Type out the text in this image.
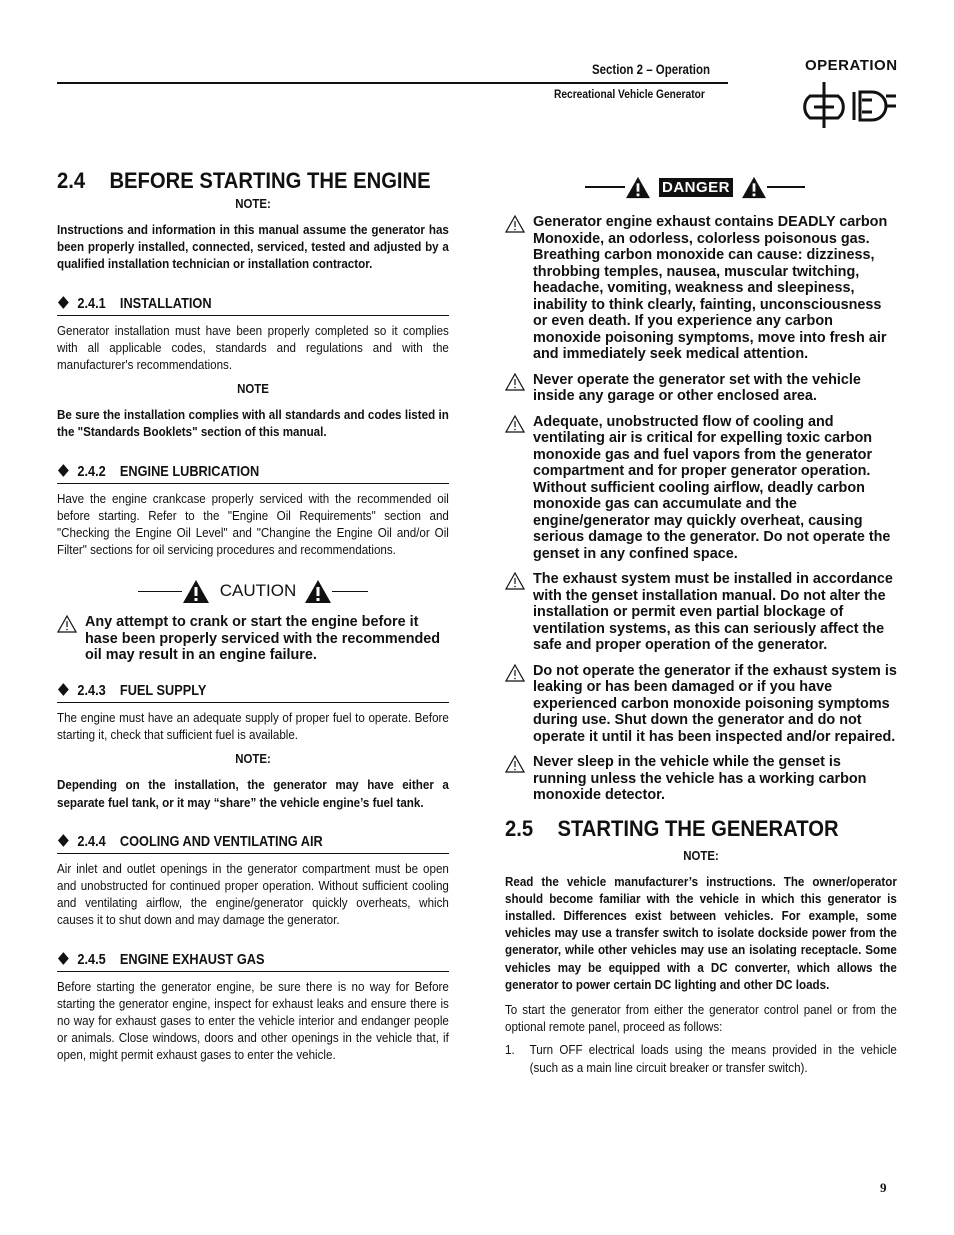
Section 2 – Operation
Recreational Vehicle Generator
OPERATION
2.4 BEFORE STARTING THE ENGINE
NOTE:

Instructions and information in this manual assume the generator has been properly installed, connected, serviced, tested and adjusted by a qualified installation technician or installation contractor.

2.4.1    INSTALLATION

Generator installation must have been properly completed so it complies with all applicable codes, standards and regulations and with the manufacturer's recommendations.

NOTE

Be sure the installation complies with all standards and codes listed in the "Standards Booklets" section of this manual.

2.4.2    ENGINE LUBRICATION

Have the engine crankcase properly serviced with the recommended oil before starting. Refer to the "Engine Oil Requirements" section and "Checking the Engine Oil Level" and "Changine the Engine Oil and/or Oil Filter" sections for oil servicing procedures and recommendations.

CAUTION
Any attempt to crank or start the engine before it hase been properly serviced with the recommended oil may result in an engine failure.
2.4.3    FUEL SUPPLY

The engine must have an adequate supply of proper fuel to operate. Before starting it, check that sufficient fuel is available.

NOTE:

Depending on the installation, the generator may have either a separate fuel tank, or it may “share” the vehicle engine’s fuel tank.

2.4.4    COOLING AND VENTILATING AIR

Air inlet and outlet openings in the generator compartment must be open and unobstructed for continued proper operation. Without sufficient cooling and ventilating airflow, the engine/generator quickly overheats, which causes it to shut down and may damage the generator.

2.4.5    ENGINE EXHAUST GAS

Before starting the generator engine, be sure there is no way for Before starting the generator engine, inspect for exhaust leaks and ensure there is no way for exhaust gases to enter the vehicle interior and endanger people or animals. Close windows, doors and other openings in the vehicle that, if open, might permit exhaust gases to enter the vehicle.

DANGER
Generator engine exhaust contains DEADLY carbon Monoxide, an odorless, colorless poisonous gas. Breathing carbon monoxide can cause: dizziness, throbbing temples, nausea, muscular twitching, headache, vomiting, weakness and sleepiness, inability to think clearly, fainting, unconsciousness or even death. If you experience any carbon monoxide poisoning symptoms, move into fresh air and immediately seek medical attention.
Never operate the generator set with the vehicle inside any garage or other enclosed area.
Adequate, unobstructed flow of cooling and ventilating air is critical for expelling toxic carbon monoxide gas and fuel vapors from the generator compartment and for proper generator operation. Without sufficient cooling airflow, deadly carbon monoxide gas can accumulate and the engine/generator may quickly overheat, causing serious damage to the generator. Do not operate the genset in any confined space.
The exhaust system must be installed in accordance with the genset installation manual. Do not alter the installation or permit even partial blockage of ventilation systems, as this can seriously affect the safe and proper operation of the generator.
Do not operate the generator if the exhaust system is leaking or has been damaged or if you have experienced carbon monoxide poisoning symptoms during use. Shut down the generator and do not operate it until it has been inspected and/or repaired.
Never sleep in the vehicle while the genset is running unless the vehicle has a working carbon monoxide detector.
2.5 STARTING THE GENERATOR
NOTE:

Read the vehicle manufacturer’s instructions. The owner/operator should become familiar with the vehicle in which this generator is installed. Differences exist between vehicles. For example, some vehicles may use a transfer switch to isolate dockside power from the generator, while other vehicles may use an isolating receptacle. Some vehicles may be equipped with a DC converter, which allows the generator to power certain DC lighting and other DC loads.

To start the generator from either the generator control panel or from the optional remote panel, proceed as follows:

1.	Turn OFF electrical loads using the means provided in the vehicle (such as a main line circuit breaker or transfer switch).
9
